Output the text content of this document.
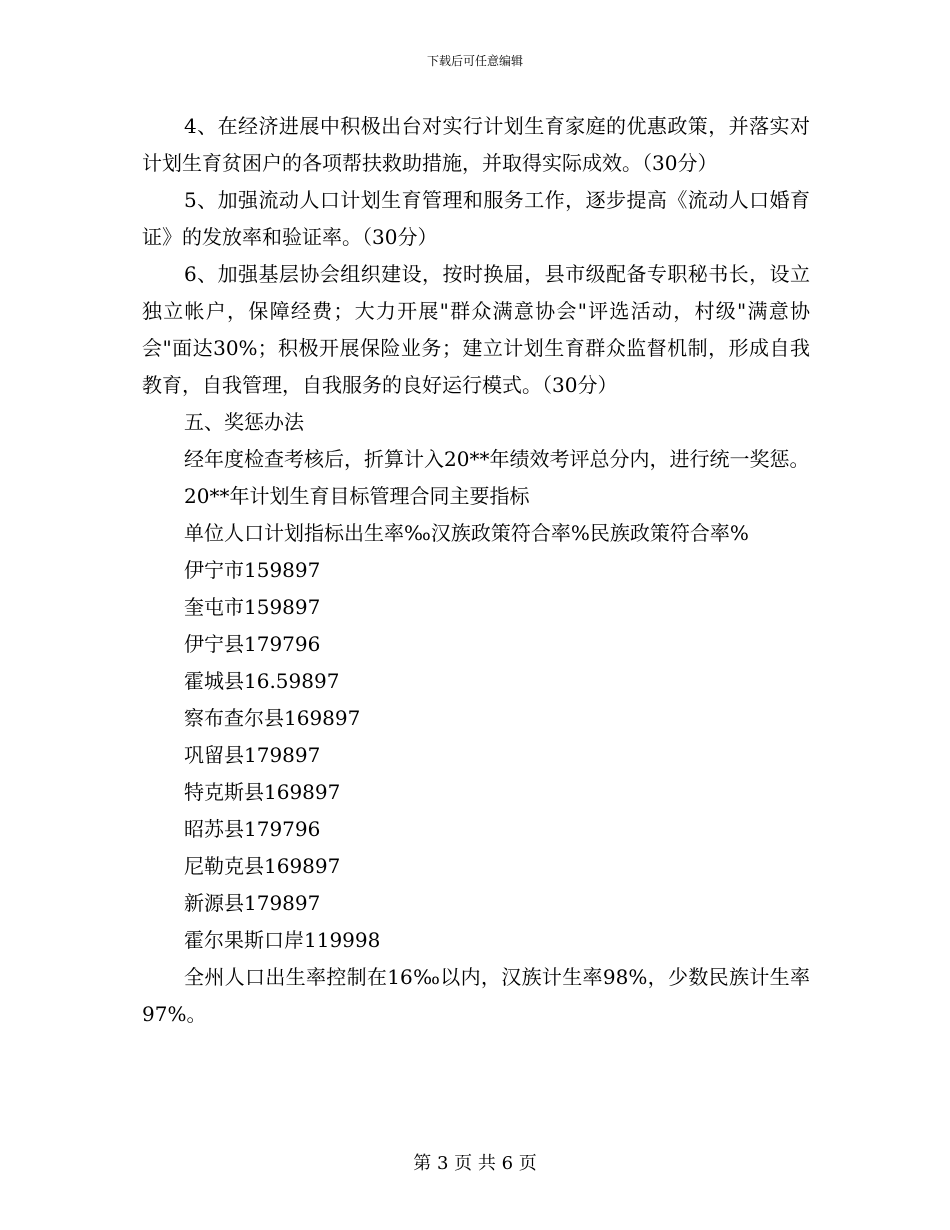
下载后可任意编辑

4、在经济进展中积极出台对实行计划生育家庭的优惠政策，并落实对计划生育贫困户的各项帮扶救助措施，并取得实际成效。（30分）

5、加强流动人口计划生育管理和服务工作，逐步提高《流动人口婚育证》的发放率和验证率。（30分）

6、加强基层协会组织建设，按时换届，县市级配备专职秘书长，设立独立帐户，保障经费；大力开展"群众满意协会"评选活动，村级"满意协会"面达30%；积极开展保险业务；建立计划生育群众监督机制，形成自我教育，自我管理，自我服务的良好运行模式。（30分）

五、奖惩办法

经年度检查考核后，折算计入20**年绩效考评总分内，进行统一奖惩。

20**年计划生育目标管理合同主要指标

单位人口计划指标出生率‰汉族政策符合率%民族政策符合率%

伊宁市159897

奎屯市159897

伊宁县179796

霍城县16.59897

察布查尔县169897

巩留县179897

特克斯县169897

昭苏县179796

尼勒克县169897

新源县179897

霍尔果斯口岸119998

全州人口出生率控制在16‰以内，汉族计生率98%，少数民族计生率97%。

第 3 页 共 6 页
